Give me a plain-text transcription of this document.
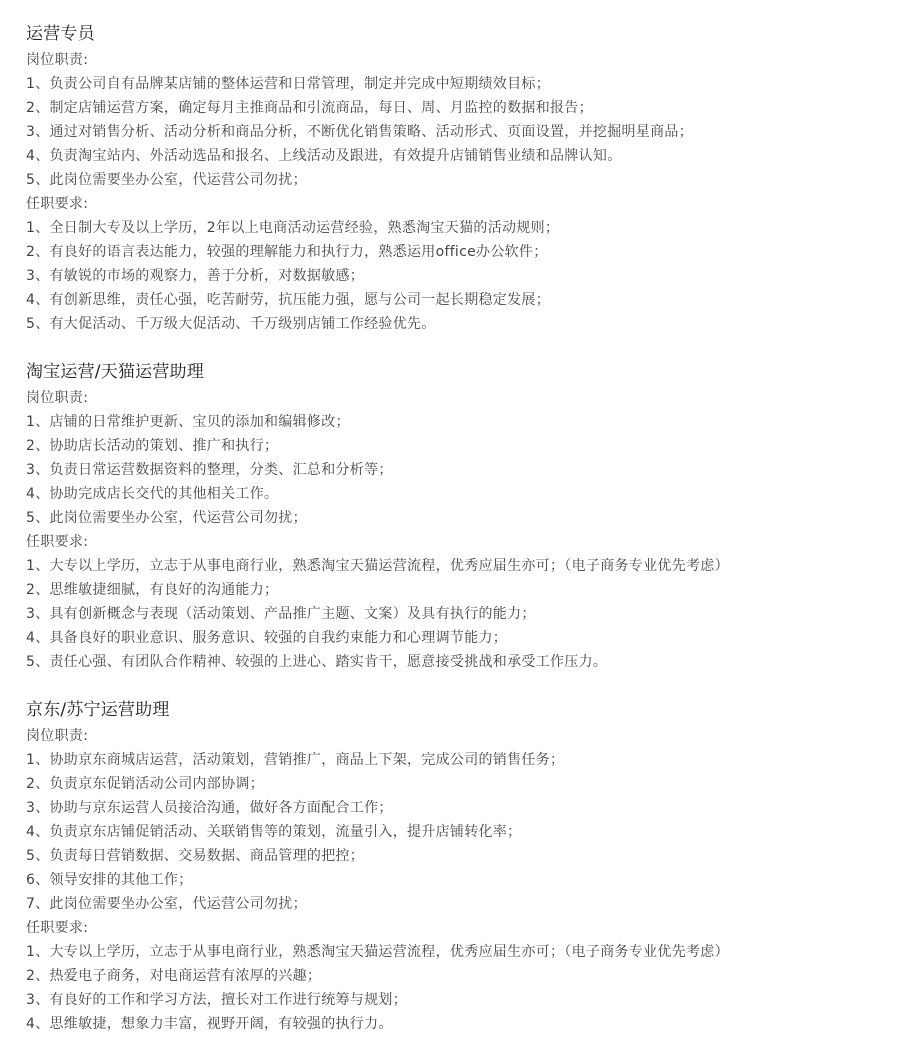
运营专员
岗位职责:
1、负责公司自有品牌某店铺的整体运营和日常管理，制定并完成中短期绩效目标；
2、制定店铺运营方案，确定每月主推商品和引流商品，每日、周、月监控的数据和报告；
3、通过对销售分析、活动分析和商品分析，不断优化销售策略、活动形式、页面设置，并挖掘明星商品；
4、负责淘宝站内、外活动选品和报名、上线活动及跟进，有效提升店铺销售业绩和品牌认知。
5、此岗位需要坐办公室，代运营公司勿扰；
任职要求:
1、全日制大专及以上学历，2年以上电商活动运营经验，熟悉淘宝天猫的活动规则；
2、有良好的语言表达能力，较强的理解能力和执行力，熟悉运用office办公软件；
3、有敏锐的市场的观察力，善于分析，对数据敏感；
4、有创新思维，责任心强，吃苦耐劳，抗压能力强，愿与公司一起长期稳定发展；
5、有大促活动、千万级大促活动、千万级别店铺工作经验优先。
淘宝运营/天猫运营助理
岗位职责:
1、店铺的日常维护更新、宝贝的添加和编辑修改；
2、协助店长活动的策划、推广和执行；
3、负责日常运营数据资料的整理，分类、汇总和分析等；
4、协助完成店长交代的其他相关工作。
5、此岗位需要坐办公室，代运营公司勿扰；
任职要求:
1、大专以上学历，立志于从事电商行业，熟悉淘宝天猫运营流程，优秀应届生亦可；（电子商务专业优先考虑）
2、思维敏捷细腻，有良好的沟通能力；
3、具有创新概念与表现（活动策划、产品推广主题、文案）及具有执行的能力；
4、具备良好的职业意识、服务意识、较强的自我约束能力和心理调节能力；
5、责任心强、有团队合作精神、较强的上进心、踏实肯干，愿意接受挑战和承受工作压力。
京东/苏宁运营助理
岗位职责:
1、协助京东商城店运营，活动策划，营销推广，商品上下架，完成公司的销售任务；
2、负责京东促销活动公司内部协调；
3、协助与京东运营人员接洽沟通，做好各方面配合工作；
4、负责京东店铺促销活动、关联销售等的策划，流量引入，提升店铺转化率；
5、负责每日营销数据、交易数据、商品管理的把控；
6、领导安排的其他工作；
7、此岗位需要坐办公室，代运营公司勿扰；
任职要求:
1、大专以上学历，立志于从事电商行业，熟悉淘宝天猫运营流程，优秀应届生亦可；（电子商务专业优先考虑）
2、热爱电子商务，对电商运营有浓厚的兴趣；
3、有良好的工作和学习方法，擅长对工作进行统筹与规划；
4、思维敏捷，想象力丰富，视野开阔，有较强的执行力。
